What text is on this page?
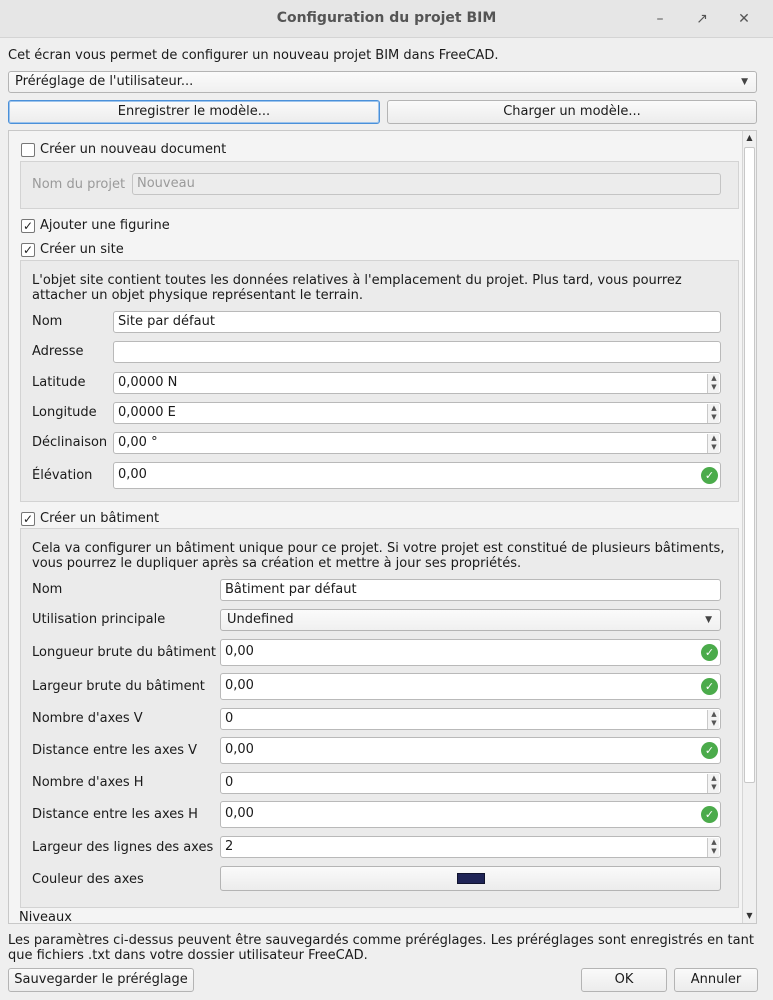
Configuration du projet BIM	–	↗	✕
Cet écran vous permet de configurer un nouveau projet BIM dans FreeCAD.
Préréglage de l'utilisateur...	▼
Enregistrer le modèle...	Charger un modèle...
Créer un nouveau document
Nom du projet Nouveau
✓ Ajouter une figurine
✓ Créer un site
L'objet site contient toutes les données relatives à l'emplacement du projet. Plus tard, vous pourrez attacher un objet physique représentant le terrain.
Nom	Site par défaut
Adresse
Latitude	0,0000 N	▲
▼
Longitude	0,0000 E	▲
▼
Déclinaison 0,00 °	▲
▼
Élévation	0,00	✓
✓ Créer un bâtiment
Cela va configurer un bâtiment unique pour ce projet. Si votre projet est constitué de plusieurs bâtiments, vous pourrez le dupliquer après sa création et mettre à jour ses propriétés.
Nom	Bâtiment par défaut
Utilisation principale	Undefined	▼
Longueur brute du bâtiment 0,00	✓
Largeur brute du bâtiment	0,00	✓
Nombre d'axes V	0	▲
▼
Distance entre les axes V	0,00	✓
Nombre d'axes H	0	▲
▼
Distance entre les axes H	0,00	✓
Largeur des lignes des axes 2	▲
▼
Couleur des axes
Niveaux
▲
▼
Les paramètres ci-dessus peuvent être sauvegardés comme préréglages. Les préréglages sont enregistrés en tant que fichiers .txt dans votre dossier utilisateur FreeCAD.
Sauvegarder le préréglage	OK	Annuler
